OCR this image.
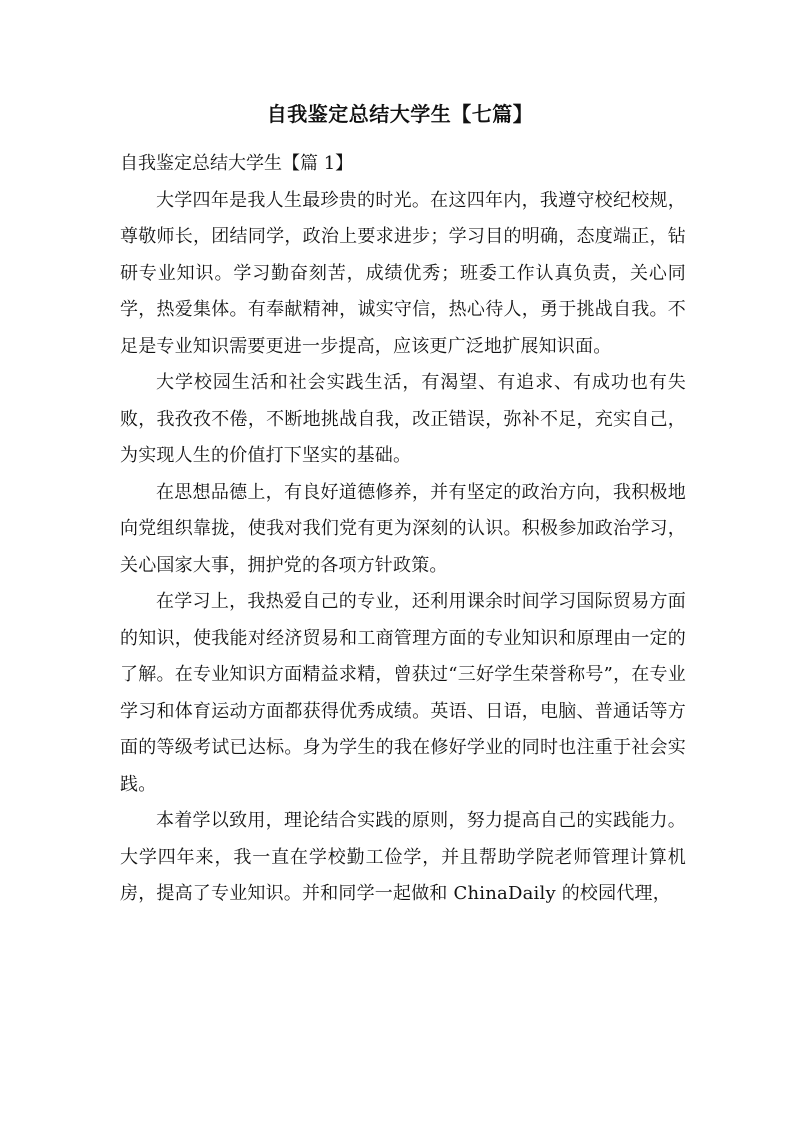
自我鉴定总结大学生【七篇】

自我鉴定总结大学生【篇 1】

大学四年是我人生最珍贵的时光。在这四年内，我遵守校纪校规，尊敬师长，团结同学，政治上要求进步；学习目的明确，态度端正，钻研专业知识。学习勤奋刻苦，成绩优秀；班委工作认真负责，关心同学，热爱集体。有奉献精神，诚实守信，热心待人，勇于挑战自我。不足是专业知识需要更进一步提高，应该更广泛地扩展知识面。

大学校园生活和社会实践生活，有渴望、有追求、有成功也有失败，我孜孜不倦，不断地挑战自我，改正错误，弥补不足，充实自己，为实现人生的价值打下坚实的基础。

在思想品德上，有良好道德修养，并有坚定的政治方向，我积极地向党组织靠拢，使我对我们党有更为深刻的认识。积极参加政治学习，关心国家大事，拥护党的各项方针政策。

在学习上，我热爱自己的专业，还利用课余时间学习国际贸易方面的知识，使我能对经济贸易和工商管理方面的专业知识和原理由一定的了解。在专业知识方面精益求精，曾获过“三好学生荣誉称号”，在专业学习和体育运动方面都获得优秀成绩。英语、日语，电脑、普通话等方面的等级考试已达标。身为学生的我在修好学业的同时也注重于社会实践。

本着学以致用，理论结合实践的原则，努力提高自己的实践能力。大学四年来，我一直在学校勤工俭学，并且帮助学院老师管理计算机房，提高了专业知识。并和同学一起做和 ChinaDaily 的校园代理，
